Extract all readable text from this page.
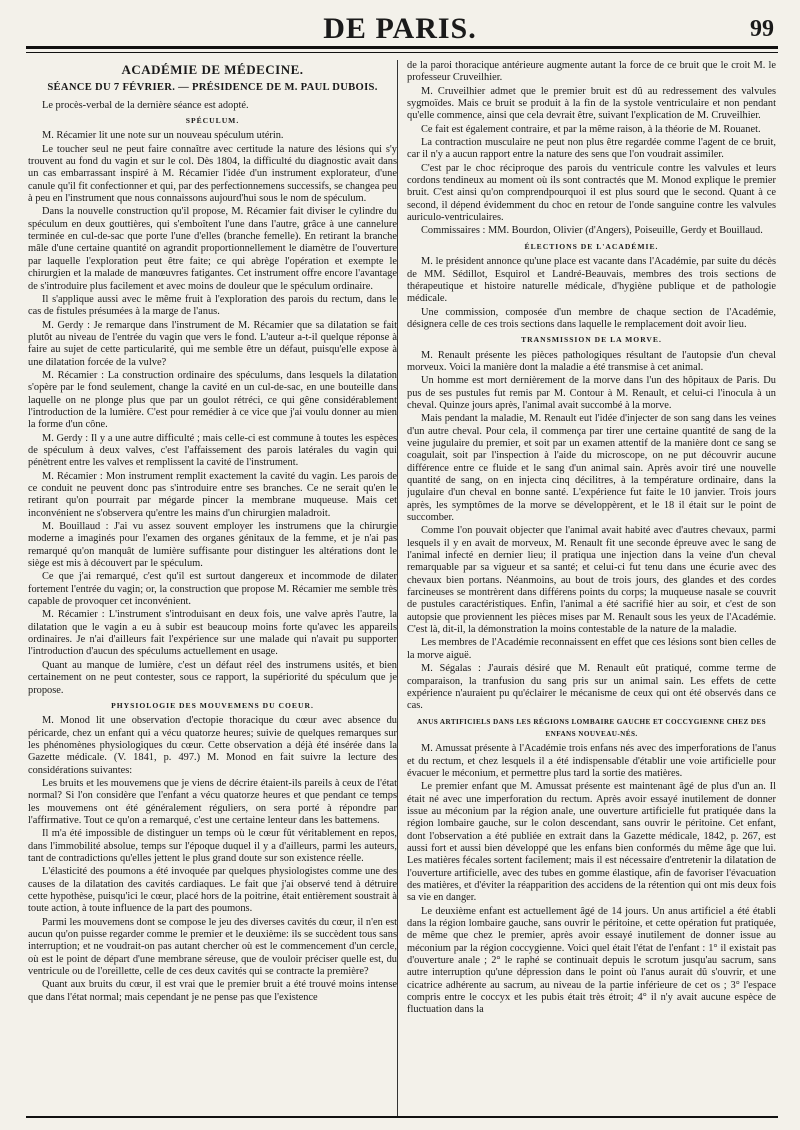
DE PARIS.	99
ACADÉMIE DE MÉDECINE.
SÉANCE DU 7 FÉVRIER. — PRÉSIDENCE DE M. PAUL DUBOIS.

Le procès-verbal de la dernière séance est adopté.

SPÉCULUM.

M. Récamier lit une note sur un nouveau spéculum utérin.

Le toucher seul ne peut faire connaître avec certitude la nature des lésions qui s'y trouvent au fond du vagin et sur le col. Dès 1804, la difficulté du diagnostic avait dans un cas embarrassant inspiré à M. Récamier l'idée d'un instrument explorateur, d'une canule qu'il fit confectionner et qui, par des perfectionnemens successifs, se changea peu à peu en l'instrument que nous connaissons aujourd'hui sous le nom de spéculum.

Dans la nouvelle construction qu'il propose, M. Récamier fait diviser le cylindre du spéculum en deux gouttières, qui s'emboîtent l'une dans l'autre, grâce à une cannelure terminée en cul-de-sac que porte l'une d'elles (branche femelle). En retirant la branche mâle d'une certaine quantité on agrandit proportionnellement le diamètre de l'ouverture par laquelle l'exploration peut être faite; ce qui abrège l'opération et exempte le chirurgien et la malade de manœuvres fatigantes. Cet instrument offre encore l'avantage de s'introduire plus facilement et avec moins de douleur que le spéculum ordinaire.

Il s'applique aussi avec le même fruit à l'exploration des parois du rectum, dans le cas de fistules présumées à la marge de l'anus.

M. Gerdy : Je remarque dans l'instrument de M. Récamier que sa dilatation se fait plutôt au niveau de l'entrée du vagin que vers le fond. L'auteur a-t-il quelque réponse à faire au sujet de cette particularité, qui me semble être un défaut, puisqu'elle expose à une dilatation forcée de la vulve?

M. Récamier : La construction ordinaire des spéculums, dans lesquels la dilatation s'opère par le fond seulement, change la cavité en un cul-de-sac, en une bouteille dans laquelle on ne plonge plus que par un goulot rétréci, ce qui gêne considérablement l'introduction de la lumière. C'est pour remédier à ce vice que j'ai voulu donner au mien la forme d'un cône.

M. Gerdy : Il y a une autre difficulté ; mais celle-ci est commune à toutes les espèces de spéculum à deux valves, c'est l'affaissement des parois latérales du vagin qui pénètrent entre les valves et remplissent la cavité de l'instrument.

M. Récamier : Mon instrument remplit exactement la cavité du vagin. Les parois de ce conduit ne peuvent donc pas s'introduire entre ses branches. Ce ne serait qu'en le retirant qu'on pourrait par mégarde pincer la membrane muqueuse. Mais cet inconvénient ne s'observera qu'entre les mains d'un chirurgien maladroit.

M. Bouillaud : J'ai vu assez souvent employer les instrumens que la chirurgie moderne a imaginés pour l'examen des organes génitaux de la femme, et je n'ai pas remarqué qu'on manquât de lumière suffisante pour distinguer les altérations dont le siège est mis à découvert par le spéculum.

Ce que j'ai remarqué, c'est qu'il est surtout dangereux et incommode de dilater fortement l'entrée du vagin; or, la construction que propose M. Récamier me semble très capable de provoquer cet inconvénient.

M. Récamier : L'instrument s'introduisant en deux fois, une valve après l'autre, la dilatation que le vagin a eu à subir est beaucoup moins forte qu'avec les appareils ordinaires. Je n'ai d'ailleurs fait l'expérience sur une malade qui n'avait pu supporter l'introduction d'aucun des spéculums actuellement en usage.

Quant au manque de lumière, c'est un défaut réel des instrumens usités, et bien certainement on ne peut contester, sous ce rapport, la supériorité du spéculum que je propose.

PHYSIOLOGIE DES MOUVEMENS DU COEUR.

M. Monod lit une observation d'ectopie thoracique du cœur avec absence du péricarde, chez un enfant qui a vécu quatorze heures; suivie de quelques remarques sur les phénomènes physiologiques du cœur. Cette observation a déjà été insérée dans la Gazette médicale. (V. 1841, p. 497.) M. Monod en fait suivre la lecture des considérations suivantes:

Les bruits et les mouvemens que je viens de décrire étaient-ils pareils à ceux de l'état normal? Si l'on considère que l'enfant a vécu quatorze heures et que pendant ce temps les mouvemens ont été généralement réguliers, on sera porté à répondre par l'affirmative. Tout ce qu'on a remarqué, c'est une certaine lenteur dans les battemens.

Il m'a été impossible de distinguer un temps où le cœur fût véritablement en repos, dans l'immobilité absolue, temps sur l'époque duquel il y a d'ailleurs, parmi les auteurs, tant de contradictions qu'elles jettent le plus grand doute sur son existence réelle.

L'élasticité des poumons a été invoquée par quelques physiologistes comme une des causes de la dilatation des cavités cardiaques. Le fait que j'ai observé tend à détruire cette hypothèse, puisqu'ici le cœur, placé hors de la poitrine, était entièrement soustrait à toute action, à toute influence de la part des poumons.

Parmi les mouvemens dont se compose le jeu des diverses cavités du cœur, il n'en est aucun qu'on puisse regarder comme le premier et le deuxième: ils se succèdent tous sans interruption; et ne voudrait-on pas autant chercher où est le commencement d'un cercle, où est le point de départ d'une membrane séreuse, que de vouloir préciser quelle est, du ventricule ou de l'oreillette, celle de ces deux cavités qui se contracte la première?

Quant aux bruits du cœur, il est vrai que le premier bruit a été trouvé moins intense que dans l'état normal; mais cependant je ne pense pas que l'existence

de la paroi thoracique antérieure augmente autant la force de ce bruit que le croit M. le professeur Cruveilhier.

M. Cruveilhier admet que le premier bruit est dû au redressement des valvules sygmoïdes. Mais ce bruit se produit à la fin de la systole ventriculaire et non pendant qu'elle commence, ainsi que cela devrait être, suivant l'explication de M. Cruveilhier.

Ce fait est également contraire, et par la même raison, à la théorie de M. Rouanet.

La contraction musculaire ne peut non plus être regardée comme l'agent de ce bruit, car il n'y a aucun rapport entre la nature des sens que l'on voudrait assimiler.

C'est par le choc réciproque des parois du ventricule contre les valvules et leurs cordons tendineux au moment où ils sont contractés que M. Monod explique le premier bruit. C'est ainsi qu'on comprendpourquoi il est plus sourd que le second. Quant à ce second, il dépend évidemment du choc en retour de l'onde sanguine contre les valvules auriculo-ventriculaires.

Commissaires : MM. Bourdon, Olivier (d'Angers), Poiseuille, Gerdy et Bouillaud.

ÉLECTIONS DE L'ACADÉMIE.

M. le président annonce qu'une place est vacante dans l'Académie, par suite du décès de MM. Sédillot, Esquirol et Landré-Beauvais, membres des trois sections de thérapeutique et histoire naturelle médicale, d'hygiène publique et de pathologie médicale.

Une commission, composée d'un membre de chaque section de l'Académie, désignera celle de ces trois sections dans laquelle le remplacement doit avoir lieu.

TRANSMISSION DE LA MORVE.

M. Renault présente les pièces pathologiques résultant de l'autopsie d'un cheval morveux. Voici la manière dont la maladie a été transmise à cet animal.

Un homme est mort dernièrement de la morve dans l'un des hôpitaux de Paris. Du pus de ses pustules fut remis par M. Contour à M. Renault, et celui-ci l'inocula à un cheval. Quinze jours après, l'animal avait succombé à la morve.

Mais pendant la maladie, M. Renault eut l'idée d'injecter de son sang dans les veines d'un autre cheval. Pour cela, il commença par tirer une certaine quantité de sang de la veine jugulaire du premier, et soit par un examen attentif de la manière dont ce sang se coagulait, soit par l'inspection à l'aide du microscope, on ne put découvrir aucune différence entre ce fluide et le sang d'un animal sain. Après avoir tiré une nouvelle quantité de sang, on en injecta cinq décilitres, à la température ordinaire, dans la jugulaire d'un cheval en bonne santé. L'expérience fut faite le 10 janvier. Trois jours après, les symptômes de la morve se développèrent, et le 18 il était sur le point de succomber.

Comme l'on pouvait objecter que l'animal avait habité avec d'autres chevaux, parmi lesquels il y en avait de morveux, M. Renault fit une seconde épreuve avec le sang de l'animal infecté en dernier lieu; il pratiqua une injection dans la veine d'un cheval remarquable par sa vigueur et sa santé; et celui-ci fut tenu dans une écurie avec des chevaux bien portans. Néanmoins, au bout de trois jours, des glandes et des cordes farcineuses se montrèrent dans différens points du corps; la muqueuse nasale se couvrit de pustules caractéristiques. Enfin, l'animal a été sacrifié hier au soir, et c'est de son autopsie que proviennent les pièces mises par M. Renault sous les yeux de l'Académie. C'est là, dit-il, la démonstration la moins contestable de la nature de la maladie.

Les membres de l'Académie reconnaissent en effet que ces lésions sont bien celles de la morve aiguë.

M. Ségalas : J'aurais désiré que M. Renault eût pratiqué, comme terme de comparaison, la tranfusion du sang pris sur un animal sain. Les effets de cette expérience n'auraient pu qu'éclairer le mécanisme de ceux qui ont été observés dans ce cas.

ANUS ARTIFICIELS DANS LES RÉGIONS LOMBAIRE GAUCHE ET COCCYGIENNE CHEZ DES ENFANS NOUVEAU-NÉS.

M. Amussat présente à l'Académie trois enfans nés avec des imperforations de l'anus et du rectum, et chez lesquels il a été indispensable d'établir une voie artificielle pour évacuer le méconium, et permettre plus tard la sortie des matières.

Le premier enfant que M. Amussat présente est maintenant âgé de plus d'un an. Il était né avec une imperforation du rectum. Après avoir essayé inutilement de donner issue au méconium par la région anale, une ouverture artificielle fut pratiquée dans la région lombaire gauche, sur le colon descendant, sans ouvrir le péritoine. Cet enfant, dont l'observation a été publiée en extrait dans la Gazette médicale, 1842, p. 267, est aussi fort et aussi bien développé que les enfans bien conformés du même âge que lui. Les matières fécales sortent facilement; mais il est nécessaire d'entretenir la dilatation de l'ouverture artificielle, avec des tubes en gomme élastique, afin de favoriser l'évacuation des matières, et d'éviter la réapparition des accidens de la rétention qui ont mis deux fois sa vie en danger.

Le deuxième enfant est actuellement âgé de 14 jours. Un anus artificiel a été établi dans la région lombaire gauche, sans ouvrir le péritoine, et cette opération fut pratiquée, de même que chez le premier, après avoir essayé inutilement de donner issue au méconium par la région coccygienne. Voici quel était l'état de l'enfant : 1° il existait pas d'ouverture anale ; 2° le raphé se continuait depuis le scrotum jusqu'au sacrum, sans autre interruption qu'une dépression dans le point où l'anus aurait dû s'ouvrir, et une cicatrice adhérente au sacrum, au niveau de la partie inférieure de cet os ; 3° l'espace compris entre le coccyx et les pubis était très étroit; 4° il n'y avait aucune espèce de fluctuation dans la
